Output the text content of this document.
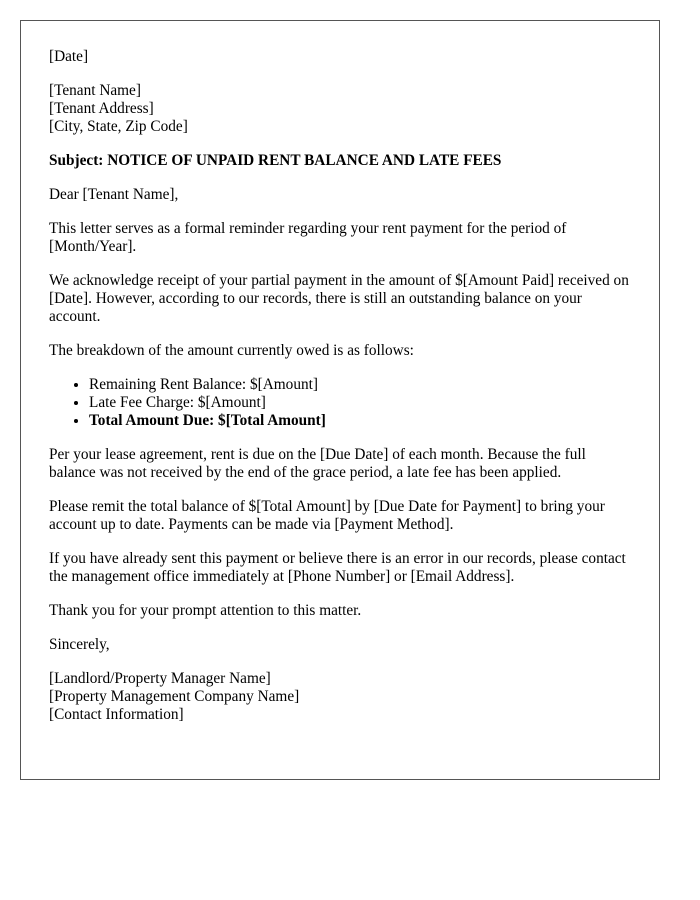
[Date]

[Tenant Name]
[Tenant Address]
[City, State, Zip Code]

Subject: NOTICE OF UNPAID RENT BALANCE AND LATE FEES

Dear [Tenant Name],

This letter serves as a formal reminder regarding your rent payment for the period of [Month/Year].

We acknowledge receipt of your partial payment in the amount of $[Amount Paid] received on [Date]. However, according to our records, there is still an outstanding balance on your account.

The breakdown of the amount currently owed is as follows:

• Remaining Rent Balance: $[Amount]
• Late Fee Charge: $[Amount]
• Total Amount Due: $[Total Amount]

Per your lease agreement, rent is due on the [Due Date] of each month. Because the full balance was not received by the end of the grace period, a late fee has been applied.

Please remit the total balance of $[Total Amount] by [Due Date for Payment] to bring your account up to date. Payments can be made via [Payment Method].

If you have already sent this payment or believe there is an error in our records, please contact the management office immediately at [Phone Number] or [Email Address].

Thank you for your prompt attention to this matter.

Sincerely,

[Landlord/Property Manager Name]
[Property Management Company Name]
[Contact Information]
